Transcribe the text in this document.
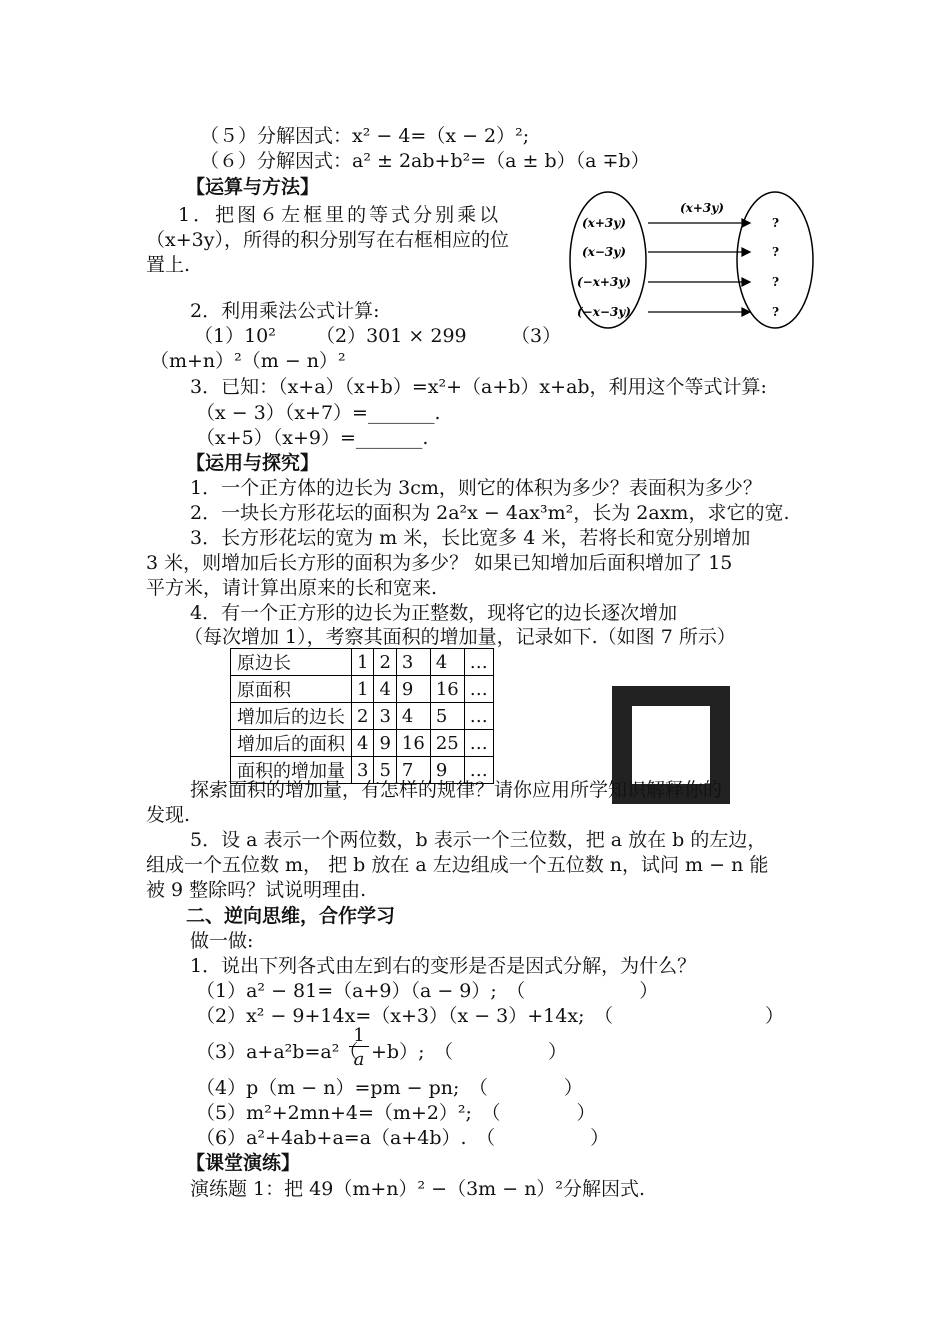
（５）分解因式：x² − 4=（x − 2）²;
（６）分解因式：a² ± 2ab+b²=（a ± b）（a ∓b）
【运算与方法】
1．把图６左框里的等式分别乘以
（x+3y），所得的积分别写在右框相应的位
置上.
2．利用乘法公式计算:
（1）10² （2）301 × 299 （3）
（m+n）²（m − n）²
3．已知：（x+a）（x+b）=x²+（a+b）x+ab，利用这个等式计算:
（x − 3）（x+7）=_______.
（x+5）（x+9）=_______.
【运用与探究】
1．一个正方体的边长为 3cm，则它的体积为多少？表面积为多少？
2．一块长方形花坛的面积为 2a²x − 4ax³m²，长为 2axm，求它的宽.
3．长方形花坛的宽为 m 米，长比宽多 4 米，若将长和宽分别增加
3 米，则增加后长方形的面积为多少？ 如果已知增加后面积增加了 15
平方米，请计算出原来的长和宽来.
4．有一个正方形的边长为正整数，现将它的边长逐次增加
（每次增加 1），考察其面积的增加量，记录如下.（如图 7 所示）
原边长	1	2	3	4	…
原面积	1	4	9	16	…
增加后的边长	2	3	4	5	…
增加后的面积	4	9	16	25	…
面积的增加量	3	5	7	9	…
探索面积的增加量，有怎样的规律？请你应用所学知识解释你的
发现.
5．设 a 表示一个两位数，b 表示一个三位数，把 a 放在 b 的左边，
组成一个五位数 m， 把 b 放在 a 左边组成一个五位数 n，试问 m − n 能
被 9 整除吗？试说明理由.
二、逆向思维，合作学习
做一做:
1．说出下列各式由左到右的变形是否是因式分解，为什么？
（1）a² − 81=（a+9）（a − 9）;　（　　　　　　）
（2）x² − 9+14x=（x+3）（x − 3）+14x;　（　　　　　　　　）
（3）a+a²b=a²（
1
a +b）;　（　　　　　）
（4）p（m − n）=pm − pn;　（　　　　）
（5）m²+2mn+4=（m+2）²;　（　　　　）
（6）a²+4ab+a=a（a+4b）.　（　　　　　）
【课堂演练】
演练题 1：把 49（m+n）² −（3m − n）²分解因式.
(x+3y)
(x−3y)
(−x+3y)
(−x−3y)
?
?
?
?
(x+3y)
